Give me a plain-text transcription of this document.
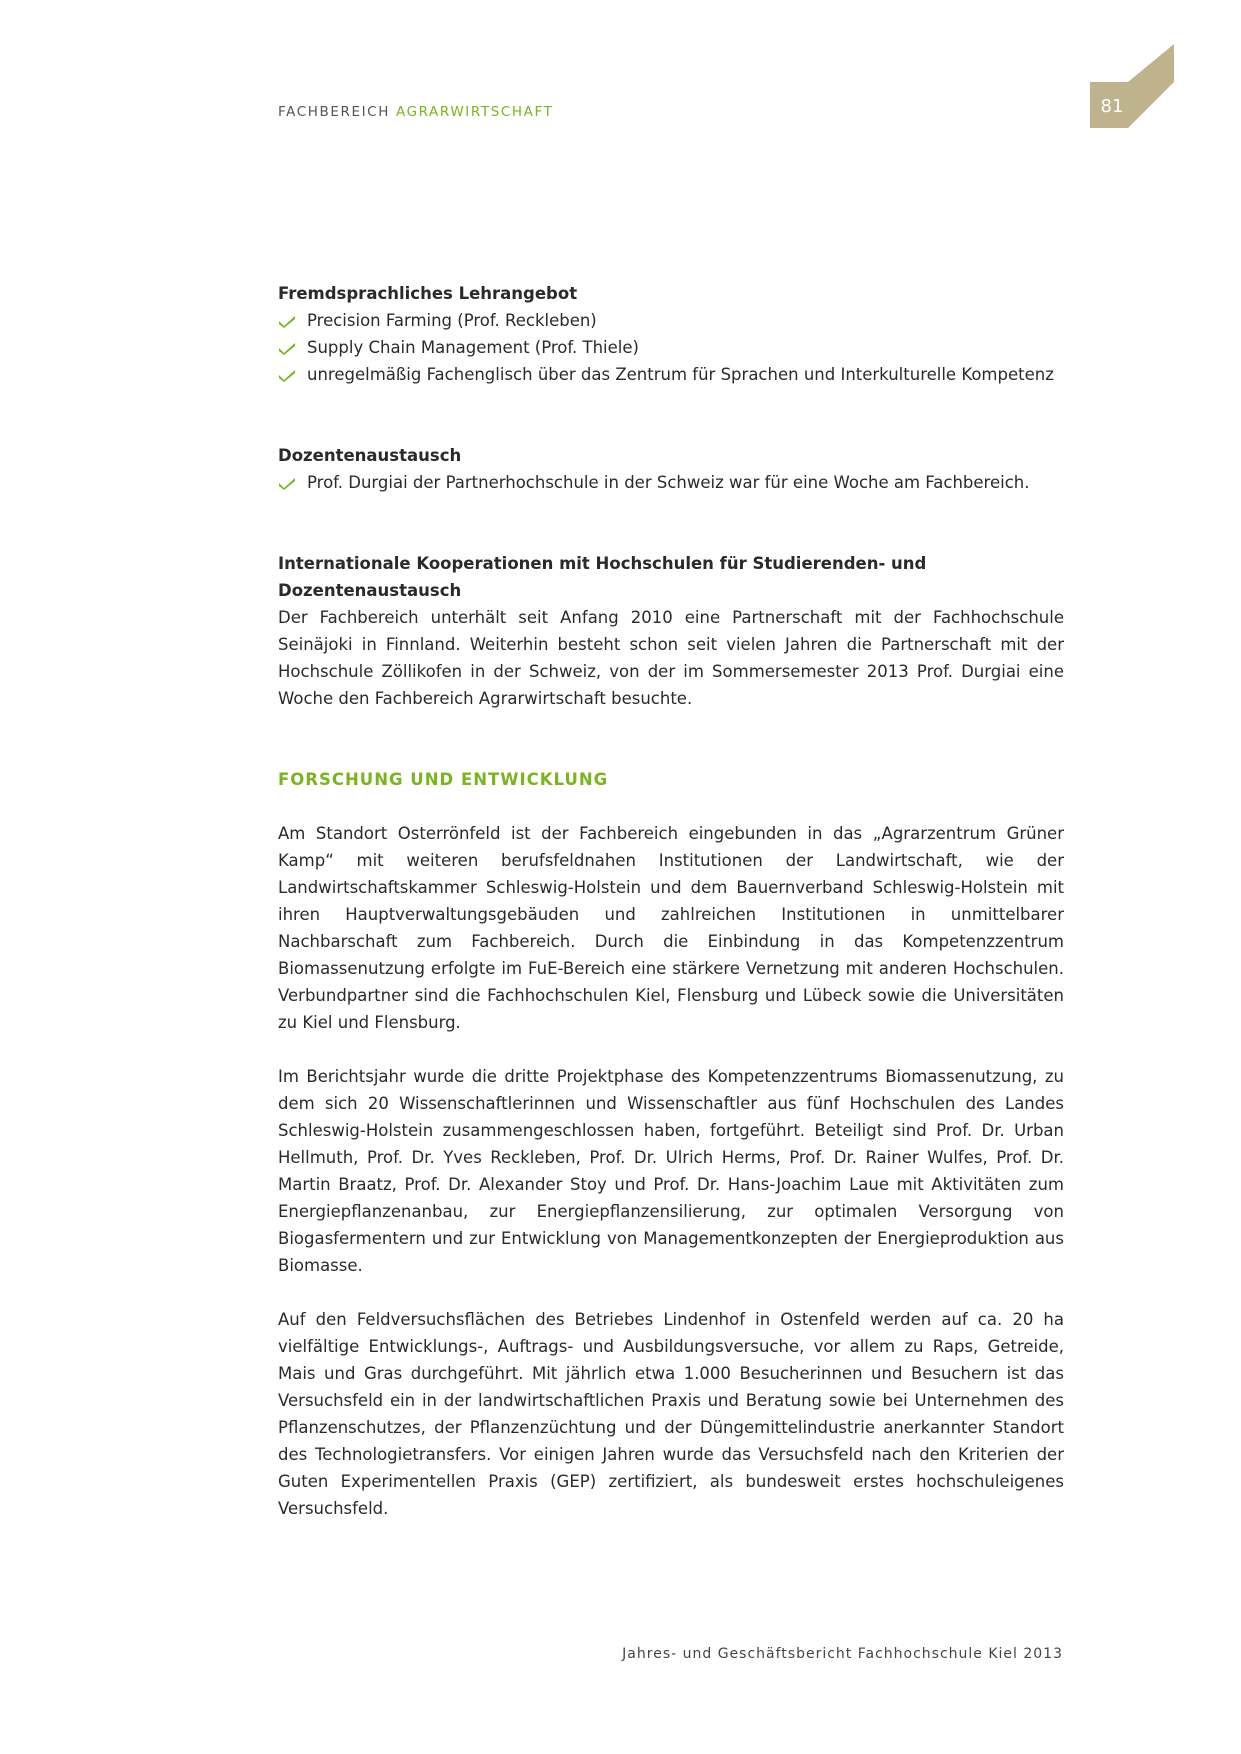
FACHBEREICH AGRARWIRTSCHAFT	81
Fremdsprachliches Lehrangebot
Precision Farming (Prof. Reckleben)
Supply Chain Management (Prof. Thiele)
unregelmäßig Fachenglisch über das Zentrum für Sprachen und Interkulturelle Kompetenz
Dozentenaustausch
Prof. Durgiai der Partnerhochschule in der Schweiz war für eine Woche am Fachbereich.
Internationale Kooperationen mit Hochschulen für Studierenden- und Dozentenaustausch

Der Fachbereich unterhält seit Anfang 2010 eine Partnerschaft mit der Fachhochschule Seinäjoki in Finnland. Weiterhin besteht schon seit vielen Jahren die Partnerschaft mit der Hochschule Zöllikofen in der Schweiz, von der im Sommersemester 2013 Prof. Durgiai eine Woche den Fachbereich Agrarwirtschaft besuchte.

FORSCHUNG UND ENTWICKLUNG

Am Standort Osterrönfeld ist der Fachbereich eingebunden in das „Agrarzentrum Grüner Kamp“ mit weiteren berufsfeldnahen Institutionen der Landwirtschaft, wie der Landwirtschaftskammer Schleswig-Holstein und dem Bauernverband Schleswig-Holstein mit ihren Hauptverwaltungsgebäuden und zahlreichen Institutionen in unmittelbarer Nachbarschaft zum Fachbereich. Durch die Einbindung in das Kompetenzzentrum Biomassenutzung erfolgte im FuE-Bereich eine stärkere Vernetzung mit anderen Hochschulen. Verbundpartner sind die Fachhochschulen Kiel, Flensburg und Lübeck sowie die Universitäten zu Kiel und Flensburg.

Im Berichtsjahr wurde die dritte Projektphase des Kompetenzzentrums Biomassenutzung, zu dem sich 20 Wissenschaftlerinnen und Wissenschaftler aus fünf Hochschulen des Landes Schleswig-Holstein zusammengeschlossen haben, fortgeführt. Beteiligt sind Prof. Dr. Urban Hellmuth, Prof. Dr. Yves Reckleben, Prof. Dr. Ulrich Herms, Prof. Dr. Rainer Wulfes, Prof. Dr. Martin Braatz, Prof. Dr. Alexander Stoy und Prof. Dr. Hans-Joachim Laue mit Aktivitäten zum Energiepflanzenanbau, zur Energiepflanzensilierung, zur optimalen Versorgung von Biogasfermentern und zur Entwicklung von Managementkonzepten der Energieproduktion aus Biomasse.

Auf den Feldversuchsflächen des Betriebes Lindenhof in Ostenfeld werden auf ca. 20 ha vielfältige Entwicklungs-, Auftrags- und Ausbildungsversuche, vor allem zu Raps, Getreide, Mais und Gras durchgeführt. Mit jährlich etwa 1.000 Besucherinnen und Besuchern ist das Versuchsfeld ein in der landwirtschaftlichen Praxis und Beratung sowie bei Unternehmen des Pflanzenschutzes, der Pflanzenzüchtung und der Düngemittelindustrie anerkannter Standort des Technologietransfers. Vor einigen Jahren wurde das Versuchsfeld nach den Kriterien der Guten Experimentellen Praxis (GEP) zertifiziert, als bundesweit erstes hochschuleigenes Versuchsfeld.

Jahres- und Geschäftsbericht Fachhochschule Kiel 2013
